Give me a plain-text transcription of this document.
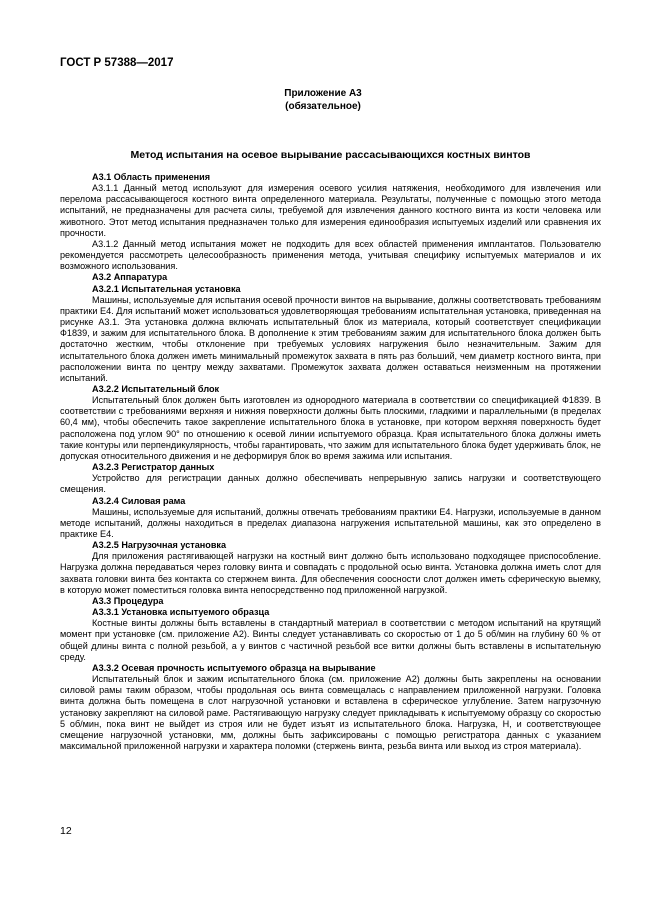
ГОСТ Р 57388—2017
Приложение А3
(обязательное)
Метод испытания на осевое вырывание рассасывающихся костных винтов

А3.1 Область применения

А3.1.1 Данный метод используют для измерения осевого усилия натяжения, необходимого для извлечения или перелома рассасывающегося костного винта определенного материала. Результаты, полученные с помощью этого метода испытаний, не предназначены для расчета силы, требуемой для извлечения данного костного винта из кости человека или животного. Этот метод испытания предназначен только для измерения единообразия испытуемых изделий или сравнения их прочности.

А3.1.2 Данный метод испытания может не подходить для всех областей применения имплантатов. Пользователю рекомендуется рассмотреть целесообразность применения метода, учитывая специфику испытуемых материалов и их возможного использования.

А3.2 Аппаратура

А3.2.1 Испытательная установка

Машины, используемые для испытания осевой прочности винтов на вырывание, должны соответствовать требованиям практики Е4. Для испытаний может использоваться удовлетворяющая требованиям испытательная установка, приведенная на рисунке А3.1. Эта установка должна включать испытательный блок из материала, который соответствует спецификации Ф1839, и зажим для испытательного блока. В дополнение к этим требованиям зажим для испытательного блока должен быть достаточно жестким, чтобы отклонение при требуемых условиях нагружения было незначительным. Зажим для испытательного блока должен иметь минимальный промежуток захвата в пять раз больший, чем диаметр костного винта, при расположении винта по центру между захватами. Промежуток захвата должен оставаться неизменным на протяжении испытаний.

А3.2.2 Испытательный блок

Испытательный блок должен быть изготовлен из однородного материала в соответствии со спецификацией Ф1839. В соответствии с требованиями верхняя и нижняя поверхности должны быть плоскими, гладкими и параллельными (в пределах 60,4 мм), чтобы обеспечить такое закрепление испытательного блока в установке, при котором верхняя поверхность будет расположена под углом 90° по отношению к осевой линии испытуемого образца. Края испытательного блока должны иметь такие контуры или перпендикулярность, чтобы гарантировать, что зажим для испытательного блока будет удерживать блок, не допуская относительного движения и не деформируя блок во время зажима или испытания.

А3.2.3 Регистратор данных

Устройство для регистрации данных должно обеспечивать непрерывную запись нагрузки и соответствующего смещения.

А3.2.4 Силовая рама

Машины, используемые для испытаний, должны отвечать требованиям практики Е4. Нагрузки, используемые в данном методе испытаний, должны находиться в пределах диапазона нагружения испытательной машины, как это определено в практике Е4.

А3.2.5 Нагрузочная установка

Для приложения растягивающей нагрузки на костный винт должно быть использовано подходящее приспособление. Нагрузка должна передаваться через головку винта и совпадать с продольной осью винта. Установка должна иметь слот для захвата головки винта без контакта со стержнем винта. Для обеспечения соосности слот должен иметь сферическую выемку, в которую может поместиться головка винта непосредственно под приложенной нагрузкой.

А3.3 Процедура

А3.3.1 Установка испытуемого образца

Костные винты должны быть вставлены в стандартный материал в соответствии с методом испытаний на крутящий момент при установке (см. приложение А2). Винты следует устанавливать со скоростью от 1 до 5 об/мин на глубину 60 % от общей длины винта с полной резьбой, а у винтов с частичной резьбой все витки должны быть вставлены в испытательную среду.

А3.3.2 Осевая прочность испытуемого образца на вырывание

Испытательный блок и зажим испытательного блока (см. приложение А2) должны быть закреплены на основании силовой рамы таким образом, чтобы продольная ось винта совмещалась с направлением приложенной нагрузки. Головка винта должна быть помещена в слот нагрузочной установки и вставлена в сферическое углубление. Затем нагрузочную установку закрепляют на силовой раме. Растягивающую нагрузку следует прикладывать к испытуемому образцу со скоростью 5 об/мин, пока винт не выйдет из строя или не будет изъят из испытательного блока. Нагрузка, Н, и соответствующее смещение нагрузочной установки, мм, должны быть зафиксированы с помощью регистратора данных с указанием максимальной приложенной нагрузки и характера поломки (стержень винта, резьба винта или выход из строя материала).

12
